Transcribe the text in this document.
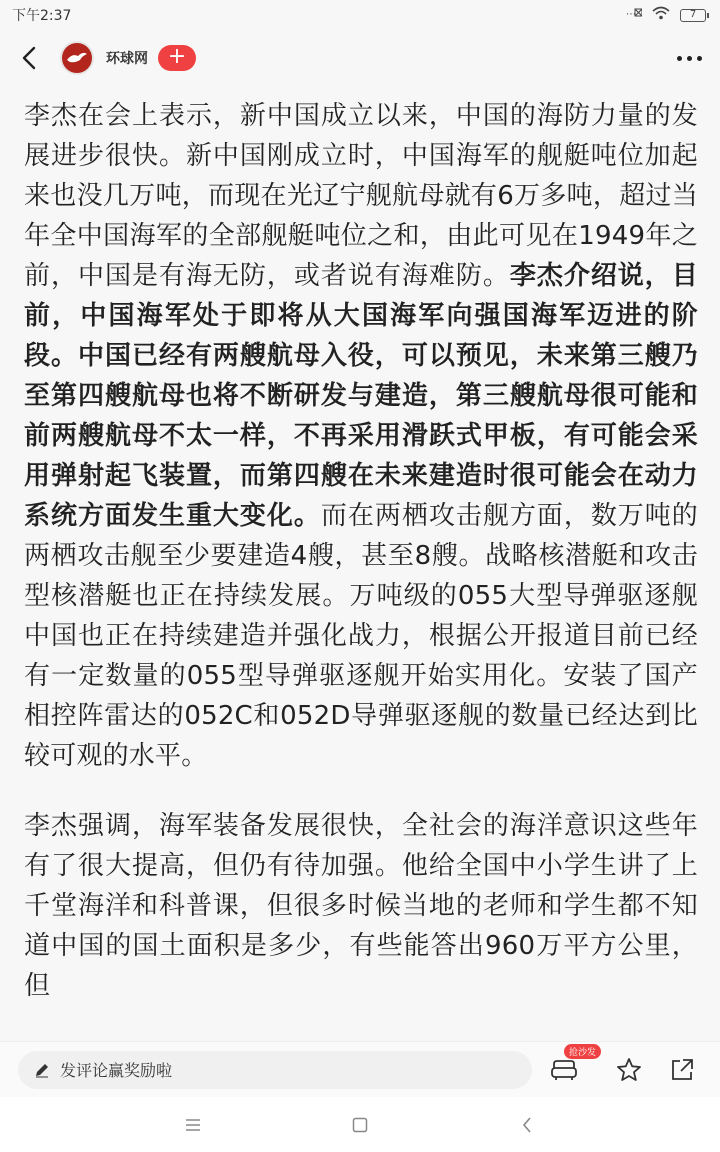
下午2:37	⋯	7
环球网 +

李杰在会上表示，新中国成立以来，中国的海防力量的发展进步很快。新中国刚成立时，中国海军的舰艇吨位加起来也没几万吨，而现在光辽宁舰航母就有6万多吨，超过当年全中国海军的全部舰艇吨位之和，由此可见在1949年之前，中国是有海无防，或者说有海难防。李杰介绍说，目前，中国海军处于即将从大国海军向强国海军迈进的阶段。中国已经有两艘航母入役，可以预见，未来第三艘乃至第四艘航母也将不断研发与建造，第三艘航母很可能和前两艘航母不太一样，不再采用滑跃式甲板，有可能会采用弹射起飞装置，而第四艘在未来建造时很可能会在动力系统方面发生重大变化。而在两栖攻击舰方面，数万吨的两栖攻击舰至少要建造4艘，甚至8艘。战略核潜艇和攻击型核潜艇也正在持续发展。万吨级的055大型导弹驱逐舰中国也正在持续建造并强化战力，根据公开报道目前已经有一定数量的055型导弹驱逐舰开始实用化。安装了国产相控阵雷达的052C和052D导弹驱逐舰的数量已经达到比较可观的水平。

李杰强调，海军装备发展很快，全社会的海洋意识这些年有了很大提高，但仍有待加强。他给全国中小学生讲了上千堂海洋和科普课，但很多时候当地的老师和学生都不知道中国的国土面积是多少，有些能答出960万平方公里，但

发评论赢奖励啦
抢沙发
